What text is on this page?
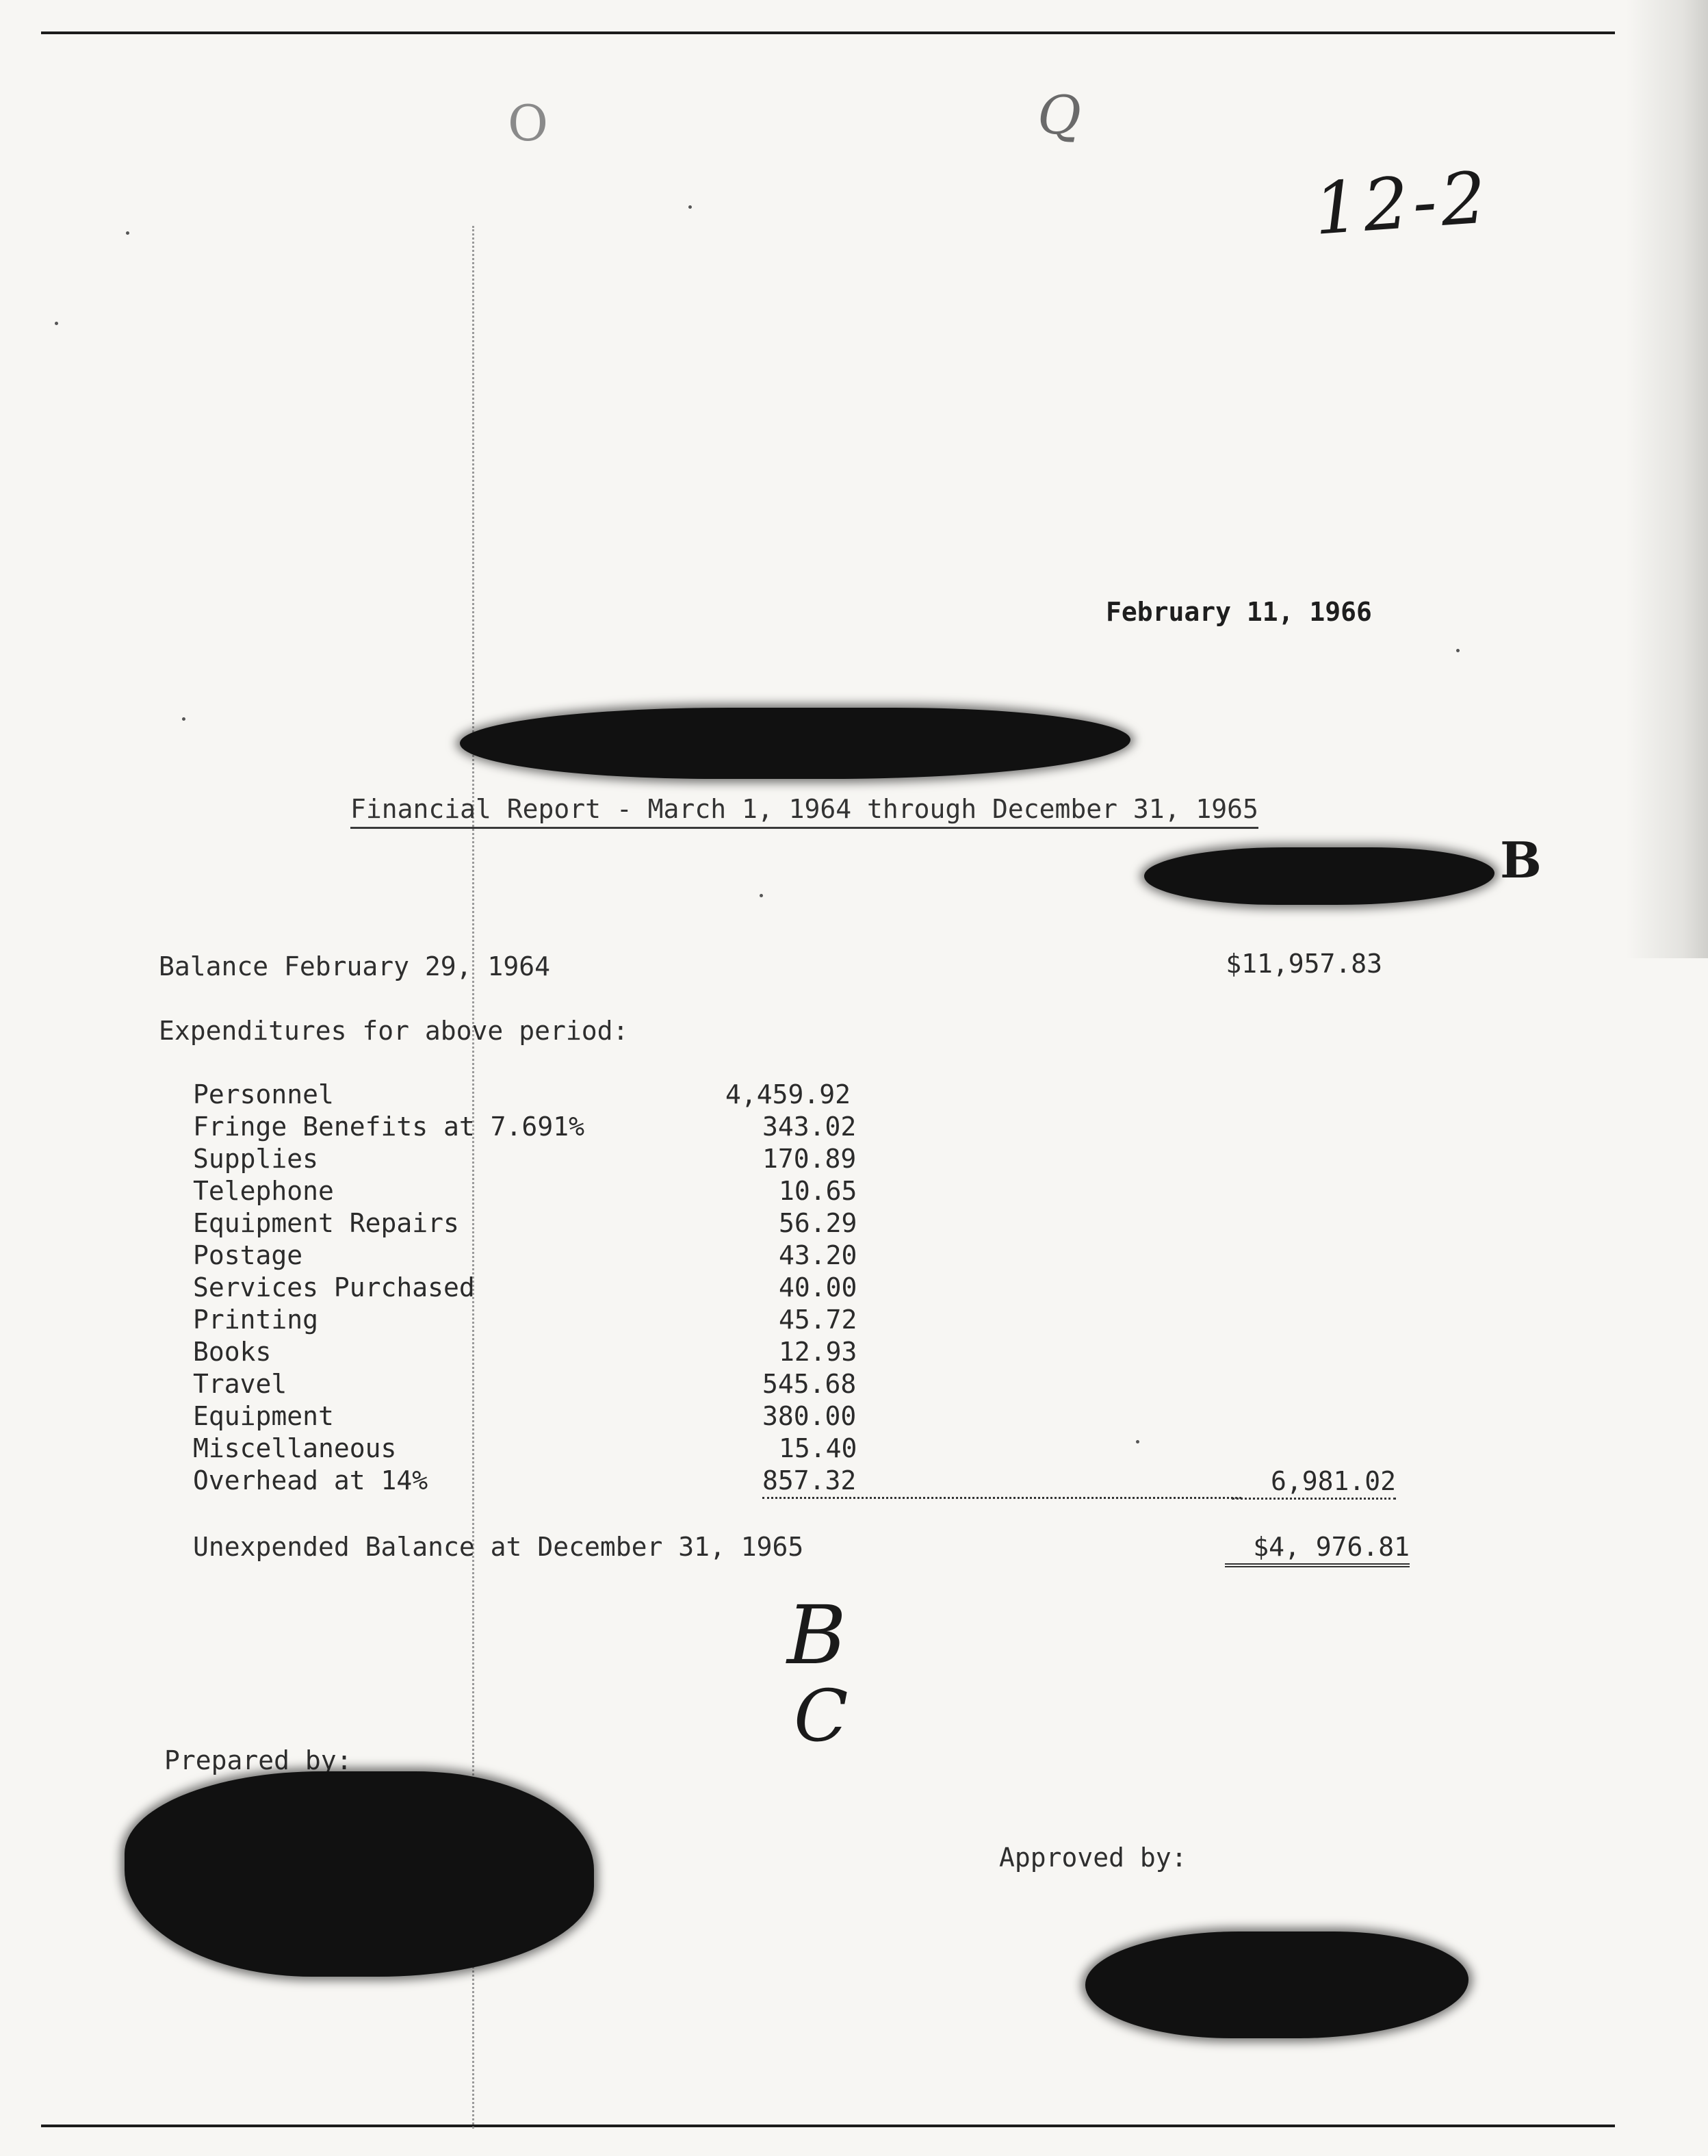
O	Q
12-2
February 11, 1966
Financial Report - March 1, 1964 through December 31, 1965
B
Balance February 29, 1964	$11,957.83
Expenditures for above period:
Personnel	4,459.92
Fringe Benefits at 7.691%	343.02
Supplies	170.89
Telephone	10.65
Equipment Repairs	56.29
Postage	43.20
Services Purchased	40.00
Printing	45.72
Books	12.93
Travel	545.68
Equipment	380.00
Miscellaneous	15.40
Overhead at 14%	857.32	6,981.02
Unexpended Balance at December 31, 1965	$4, 976.81
B
C
Prepared by:
Approved by:
